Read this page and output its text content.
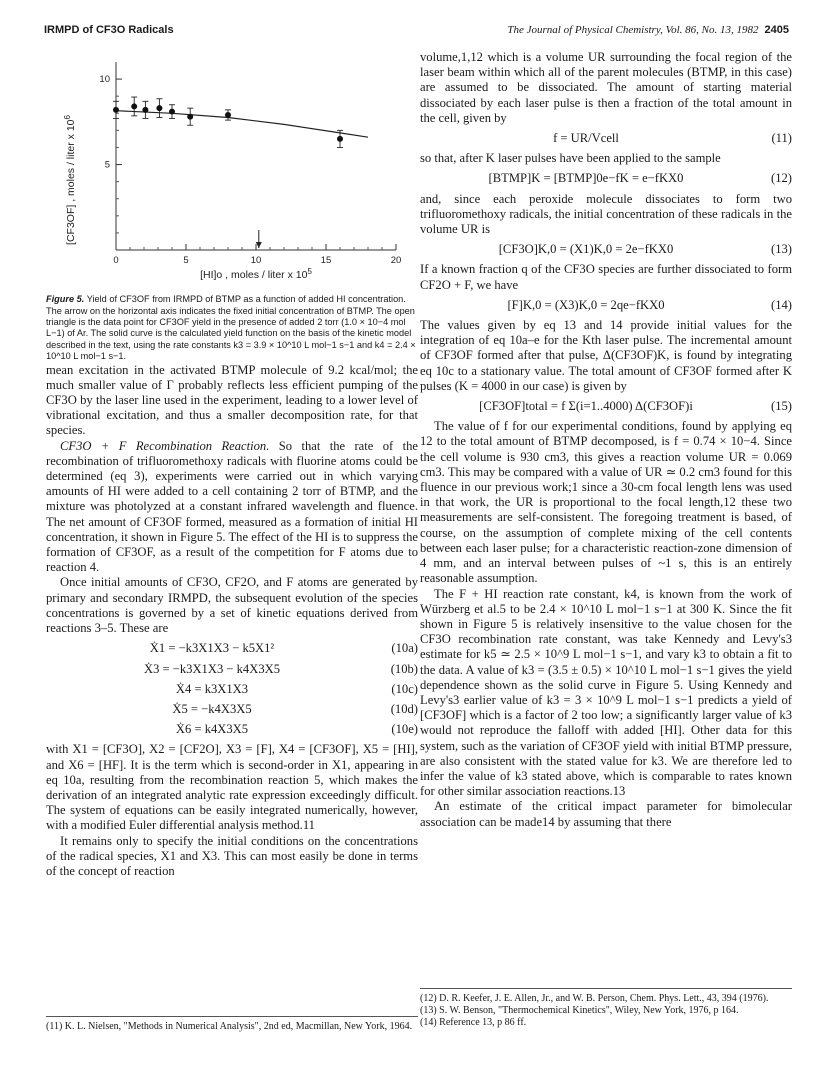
IRMPD of CF3O Radicals	The Journal of Physical Chemistry, Vol. 86, No. 13, 1982 2405
0	5	10	15	20
5
10
[CF3OF] , moles / liter x $10^6$
[HI]o , moles / liter x $10^5$

Figure 5. Yield of CF3OF from IRMPD of BTMP as a function of added HI concentration. The arrow on the horizontal axis indicates the fixed initial concentration of BTMP. The open triangle is the data point for CF3OF yield in the presence of added 2 torr (1.0 × 10−4 mol L−1) of Ar. The solid curve is the calculated yield function on the basis of the kinetic model described in the text, using the rate constants k3 = 3.9 × 10^10 L mol−1 s−1 and k4 = 2.4 × 10^10 L mol−1 s−1.

mean excitation in the activated BTMP molecule of 9.2 kcal/mol; the much smaller value of Γ probably reflects less efficient pumping of the CF3O by the laser line used in the experiment, leading to a lower level of vibrational excitation, and thus a smaller decomposition rate, for that species.

CF3O + F Recombination Reaction. So that the rate of the recombination of trifluoromethoxy radicals with fluorine atoms could be determined (eq 3), experiments were carried out in which varying amounts of HI were added to a cell containing 2 torr of BTMP, and the mixture was photolyzed at a constant infrared wavelength and fluence. The net amount of CF3OF formed, measured as a formation of initial HI concentration, it shown in Figure 5. The effect of the HI is to suppress the formation of CF3OF, as a result of the competition for F atoms due to reaction 4.

Once initial amounts of CF3O, CF2O, and F atoms are generated by primary and secondary IRMPD, the subsequent evolution of the species concentrations is governed by a set of kinetic equations derived from reactions 3–5. These are

Ẋ1 = −k3X1X3 − k5X1²	(10a)
Ẋ3 = −k3X1X3 − k4X3X5	(10b)
Ẋ4 = k3X1X3	(10c)
Ẋ5 = −k4X3X5	(10d)
Ẋ6 = k4X3X5	(10e)

with X1 = [CF3O], X2 = [CF2O], X3 = [F], X4 = [CF3OF], X5 = [HI], and X6 = [HF]. It is the term which is second-order in X1, appearing in eq 10a, resulting from the recombination reaction 5, which makes the derivation of an integrated analytic rate expression exceedingly difficult. The system of equations can be easily integrated numerically, however, with a modified Euler differential analysis method.11

It remains only to specify the initial conditions on the concentrations of the radical species, X1 and X3. This can most easily be done in terms of the concept of reaction

(11) K. L. Nielsen, "Methods in Numerical Analysis", 2nd ed, Macmillan, New York, 1964.

volume,1,12 which is a volume UR surrounding the focal region of the laser beam within which all of the parent molecules (BTMP, in this case) are assumed to be dissociated. The amount of starting material dissociated by each laser pulse is then a fraction of the total amount in the cell, given by

f = UR/Vcell	(11)

so that, after K laser pulses have been applied to the sample

[BTMP]K = [BTMP]0e−fK = e−fKX0	(12)

and, since each peroxide molecule dissociates to form two trifluoromethoxy radicals, the initial concentration of these radicals in the volume UR is

[CF3O]K,0 = (X1)K,0 = 2e−fKX0	(13)

If a known fraction q of the CF3O species are further dissociated to form CF2O + F, we have

[F]K,0 = (X3)K,0 = 2qe−fKX0	(14)

The values given by eq 13 and 14 provide initial values for the integration of eq 10a–e for the Kth laser pulse. The incremental amount of CF3OF formed after that pulse, Δ(CF3OF)K, is found by integrating eq 10c to a stationary value. The total amount of CF3OF formed after K pulses (K = 4000 in our case) is given by

[CF3OF]total = f Σ(i=1..4000) Δ(CF3OF)i	(15)

The value of f for our experimental conditions, found by applying eq 12 to the total amount of BTMP decomposed, is f = 0.74 × 10−4. Since the cell volume is 930 cm3, this gives a reaction volume UR = 0.069 cm3. This may be compared with a value of UR ≃ 0.2 cm3 found for this fluence in our previous work;1 since a 30-cm focal length lens was used in that work, the UR is proportional to the focal length,12 these two measurements are self-consistent. The foregoing treatment is based, of course, on the assumption of complete mixing of the cell contents between each laser pulse; for a characteristic reaction-zone dimension of 4 mm, and an interval between pulses of ~1 s, this is an entirely reasonable assumption.

The F + HI reaction rate constant, k4, is known from the work of Würzberg et al.5 to be 2.4 × 10^10 L mol−1 s−1 at 300 K. Since the fit shown in Figure 5 is relatively insensitive to the value chosen for the CF3O recombination rate constant, was take Kennedy and Levy's3 estimate for k5 ≃ 2.5 × 10^9 L mol−1 s−1, and vary k3 to obtain a fit to the data. A value of k3 = (3.5 ± 0.5) × 10^10 L mol−1 s−1 gives the yield dependence shown as the solid curve in Figure 5. Using Kennedy and Levy's3 earlier value of k3 = 3 × 10^9 L mol−1 s−1 predicts a yield of [CF3OF] which is a factor of 2 too low; a significantly larger value of k3 would not reproduce the falloff with added [HI]. Other data for this system, such as the variation of CF3OF yield with initial BTMP pressure, are also consistent with the stated value for k3. We are therefore led to infer the value of k3 stated above, which is comparable to rates known for other similar association reactions.13

An estimate of the critical impact parameter for bimolecular association can be made14 by assuming that there

(12) D. R. Keefer, J. E. Allen, Jr., and W. B. Person, Chem. Phys. Lett., 43, 394 (1976).

(13) S. W. Benson, "Thermochemical Kinetics", Wiley, New York, 1976, p 164.

(14) Reference 13, p 86 ff.
